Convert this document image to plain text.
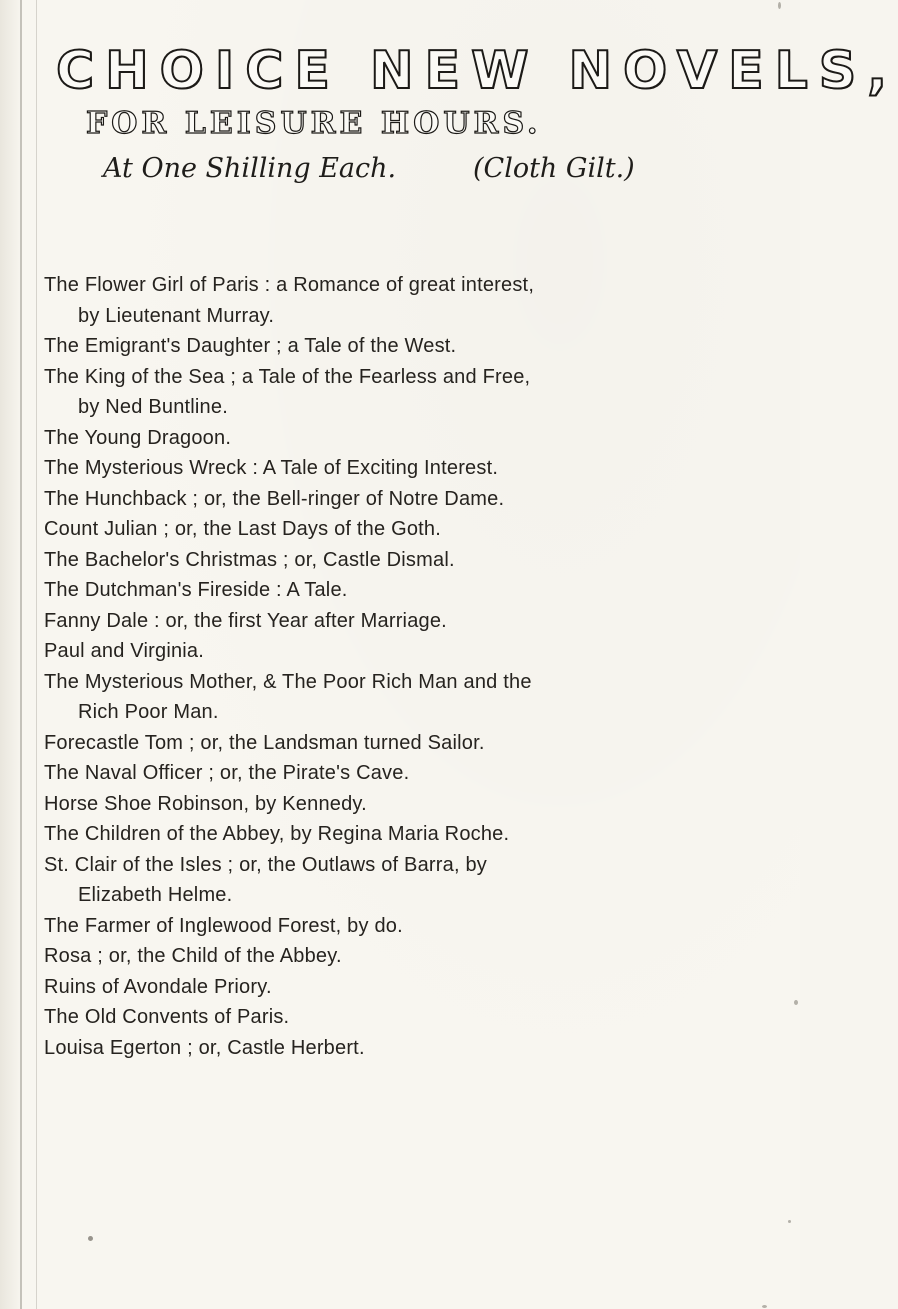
CHOICE NEW NOVELS,
FOR LEISURE HOURS.
At One Shilling Each.	(Cloth Gilt.)
The Flower Girl of Paris : a Romance of great interest,
by Lieutenant Murray.
The Emigrant's Daughter ; a Tale of the West.
The King of the Sea ; a Tale of the Fearless and Free,
by Ned Buntline.
The Young Dragoon.
The Mysterious Wreck : A Tale of Exciting Interest.
The Hunchback ; or, the Bell-ringer of Notre Dame.
Count Julian ; or, the Last Days of the Goth.
The Bachelor's Christmas ; or, Castle Dismal.
The Dutchman's Fireside : A Tale.
Fanny Dale : or, the first Year after Marriage.
Paul and Virginia.
The Mysterious Mother, & The Poor Rich Man and the
Rich Poor Man.
Forecastle Tom ; or, the Landsman turned Sailor.
The Naval Officer ; or, the Pirate's Cave.
Horse Shoe Robinson, by Kennedy.
The Children of the Abbey, by Regina Maria Roche.
St. Clair of the Isles ; or, the Outlaws of Barra, by
Elizabeth Helme.
The Farmer of Inglewood Forest, by do.
Rosa ; or, the Child of the Abbey.
Ruins of Avondale Priory.
The Old Convents of Paris.
Louisa Egerton ; or, Castle Herbert.
